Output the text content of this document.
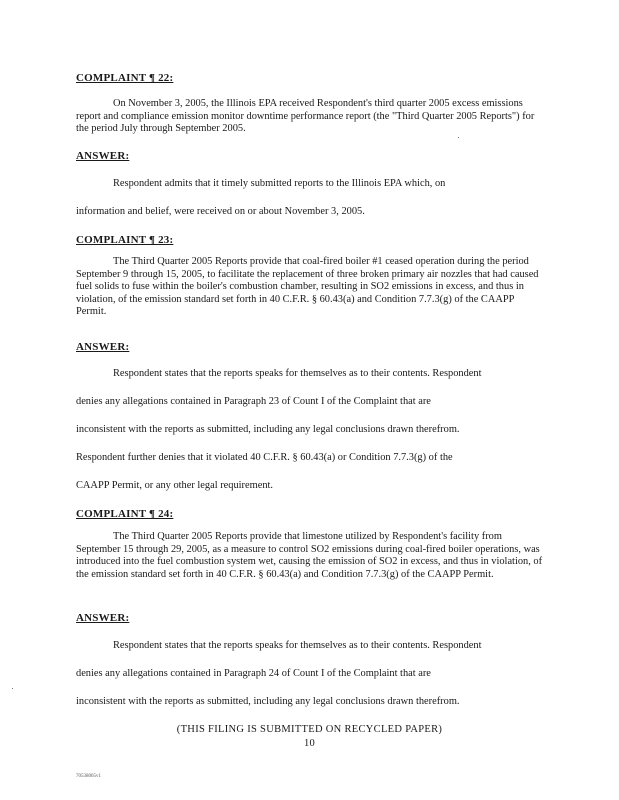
COMPLAINT ¶ 22:

On November 3, 2005, the Illinois EPA received Respondent's third quarter 2005 excess emissions report and compliance emission monitor downtime performance report (the "Third Quarter 2005 Reports") for the period July through September 2005.

ANSWER:
Respondent admits that it timely submitted reports to the Illinois EPA which, on
information and belief, were received on or about November 3, 2005.
COMPLAINT ¶ 23:

The Third Quarter 2005 Reports provide that coal-fired boiler #1 ceased operation during the period September 9 through 15, 2005, to facilitate the replacement of three broken primary air nozzles that had caused fuel solids to fuse within the boiler's combustion chamber, resulting in SO2 emissions in excess, and thus in violation, of the emission standard set forth in 40 C.F.R. § 60.43(a) and Condition 7.7.3(g) of the CAAPP Permit.

ANSWER:
Respondent states that the reports speaks for themselves as to their contents. Respondent
denies any allegations contained in Paragraph 23 of Count I of the Complaint that are
inconsistent with the reports as submitted, including any legal conclusions drawn therefrom.
Respondent further denies that it violated 40 C.F.R. § 60.43(a) or Condition 7.7.3(g) of the
CAAPP Permit, or any other legal requirement.
COMPLAINT ¶ 24:

The Third Quarter 2005 Reports provide that limestone utilized by Respondent's facility from September 15 through 29, 2005, as a measure to control SO2 emissions during coal-fired boiler operations, was introduced into the fuel combustion system wet, causing the emission of SO2 in excess, and thus in violation, of the emission standard set forth in 40 C.F.R. § 60.43(a) and Condition 7.7.3(g) of the CAAPP Permit.

ANSWER:
Respondent states that the reports speaks for themselves as to their contents. Respondent
denies any allegations contained in Paragraph 24 of Count I of the Complaint that are
inconsistent with the reports as submitted, including any legal conclusions drawn therefrom.
(THIS FILING IS SUBMITTED ON RECYCLED PAPER)
10
70538005v1
